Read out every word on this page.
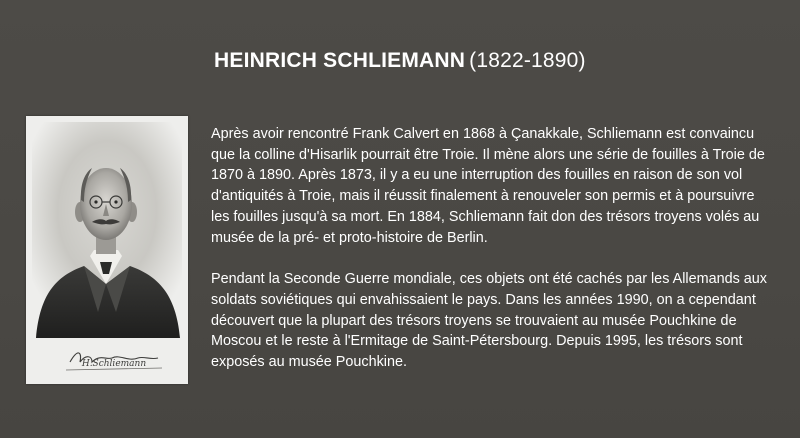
HEINRICH SCHLIEMANN (1822-1890)
H.Schliemann

Après avoir rencontré Frank Calvert en 1868 à Çanakkale, Schliemann est convaincu que la colline d'Hisarlik pourrait être Troie. Il mène alors une série de fouilles à Troie de 1870 à 1890. Après 1873, il y a eu une interruption des fouilles en raison de son vol d'antiquités à Troie, mais il réussit finalement à renouveler son permis et à poursuivre les fouilles jusqu'à sa mort. En 1884, Schliemann fait don des trésors troyens volés au musée de la pré- et proto-histoire de Berlin.

Pendant la Seconde Guerre mondiale, ces objets ont été cachés par les Allemands aux soldats soviétiques qui envahissaient le pays. Dans les années 1990, on a cependant découvert que la plupart des trésors troyens se trouvaient au musée Pouchkine de Moscou et le reste à l'Ermitage de Saint-Pétersbourg. Depuis 1995, les trésors sont exposés au musée Pouchkine.
